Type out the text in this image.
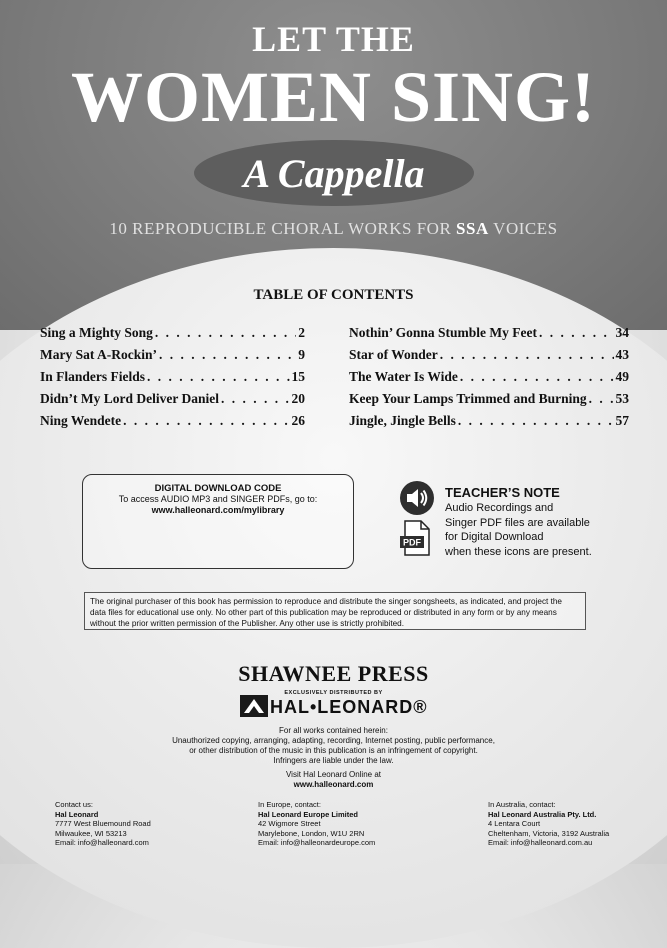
LET THE
WOMEN SING!
A Cappella
10 REPRODUCIBLE CHORAL WORKS FOR SSA VOICES
TABLE OF CONTENTS
Sing a Mighty Song . . .	2
Mary Sat A-Rockin’ . . .	9
In Flanders Fields . . .	15
Didn’t My Lord Deliver Daniel . . .	20
Ning Wendete . . .	26
Nothin’ Gonna Stumble My Feet . . .	34
Star of Wonder . . .	43
The Water Is Wide . . .	49
Keep Your Lamps Trimmed and Burning . . . 53
Jingle, Jingle Bells . . .	57
DIGITAL DOWNLOAD CODE
To access AUDIO MP3 and SINGER PDFs, go to:
www.halleonard.com/mylibrary
PDF
TEACHER’S NOTE
Audio Recordings and
Singer PDF files are available
for Digital Download
when these icons are present.
The original purchaser of this book has permission to reproduce and distribute the singer songsheets, as indicated, and project the data files for educational use only. No other part of this publication may be reproduced or distributed in any form or by any means without the prior written permission of the Publisher. Any other use is strictly prohibited.
SHAWNEE PRESS
EXCLUSIVELY DISTRIBUTED BY
HAL•LEONARD®
For all works contained herein:
Unauthorized copying, arranging, adapting, recording, Internet posting, public performance,
or other distribution of the music in this publication is an infringement of copyright.
Infringers are liable under the law.
Visit Hal Leonard Online at
www.halleonard.com
Contact us:
Hal Leonard
7777 West Bluemound Road
Milwaukee, WI 53213
Email: info@halleonard.com
In Europe, contact:
Hal Leonard Europe Limited
42 Wigmore Street
Marylebone, London, W1U 2RN
Email: info@halleonardeurope.com
In Australia, contact:
Hal Leonard Australia Pty. Ltd.
4 Lentara Court
Cheltenham, Victoria, 3192 Australia
Email: info@halleonard.com.au
